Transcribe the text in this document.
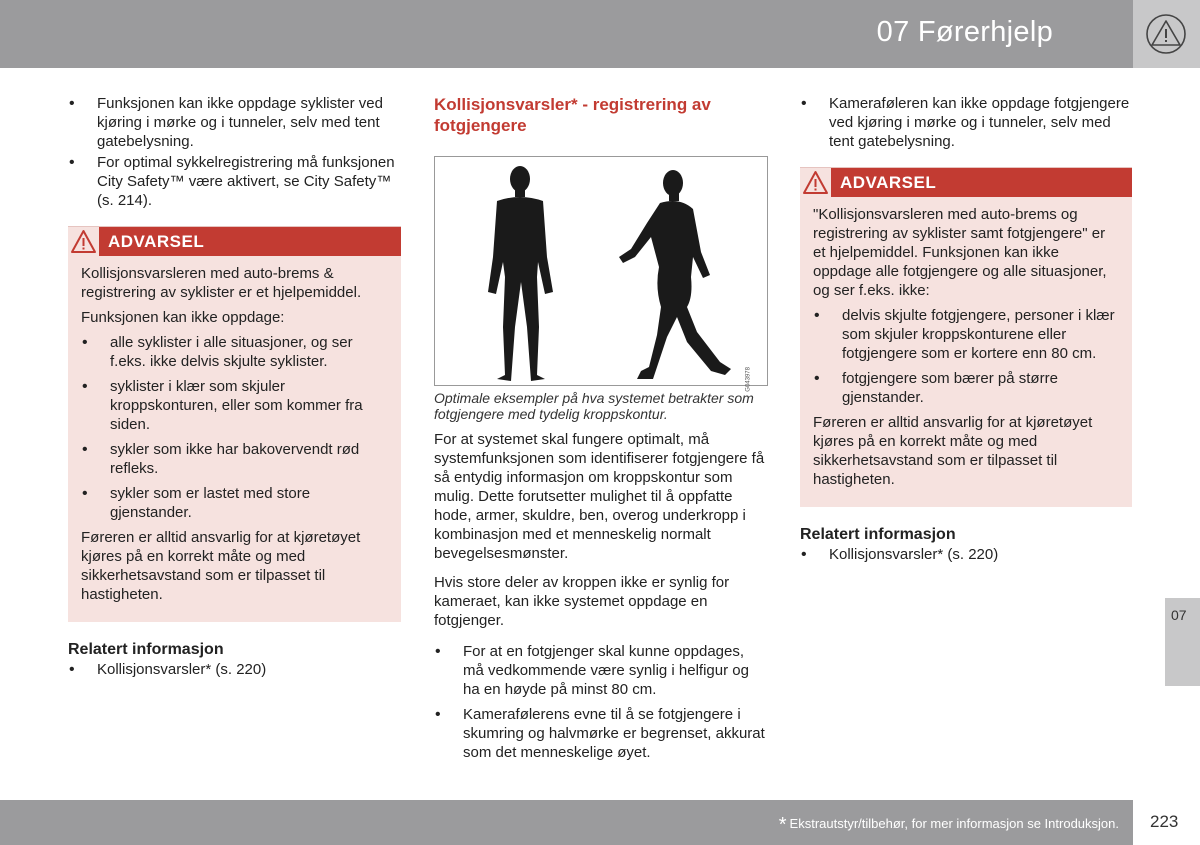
07 Førerhjelp
• Funksjonen kan ikke oppdage syklister ved kjøring i mørke og i tunneler, selv med tent gatebelysning.
• For optimal sykkelregistrering må funksjonen City Safety™ være aktivert, se City Safety™ (s. 214).
ADVARSEL

Kollisjonsvarsleren med auto-brems & registrering av syklister er et hjelpemiddel.

Funksjonen kan ikke oppdage:

• alle syklister i alle situasjoner, og ser f.eks. ikke delvis skjulte syklister.
• syklister i klær som skjuler kroppskonturen, eller som kommer fra siden.
• sykler som ikke har bakovervendt rød refleks.
• sykler som er lastet med store gjenstander.

Føreren er alltid ansvarlig for at kjøretøyet kjøres på en korrekt måte og med sikkerhetsavstand som er tilpasset til hastigheten.

Relatert informasjon
• Kollisjonsvarsler* (s. 220)
Kollisjonsvarsler* - registrering av fotgjengere
G043978
Optimale eksempler på hva systemet betrakter som fotgjengere med tydelig kroppskontur.

For at systemet skal fungere optimalt, må systemfunksjonen som identifiserer fotgjengere få så entydig informasjon om kroppskontur som mulig. Dette forutsetter mulighet til å oppfatte hode, armer, skuldre, ben, overog underkropp i kombinasjon med et menneskelig normalt bevegelsesmønster.

Hvis store deler av kroppen ikke er synlig for kameraet, kan ikke systemet oppdage en fotgjenger.

• For at en fotgjenger skal kunne oppdages, må vedkommende være synlig i helfigur og ha en høyde på minst 80 cm.
• Kamerafølerens evne til å se fotgjengere i skumring og halvmørke er begrenset, akkurat som det menneskelige øyet.
• Kameraføleren kan ikke oppdage fotgjengere ved kjøring i mørke og i tunneler, selv med tent gatebelysning.
ADVARSEL

"Kollisjonsvarsleren med auto-brems og registrering av syklister samt fotgjengere" er et hjelpemiddel. Funksjonen kan ikke oppdage alle fotgjengere og alle situasjoner, og ser f.eks. ikke:

• delvis skjulte fotgjengere, personer i klær som skjuler kroppskonturene eller fotgjengere som er kortere enn 80 cm.
• fotgjengere som bærer på større gjenstander.

Føreren er alltid ansvarlig for at kjøretøyet kjøres på en korrekt måte og med sikkerhetsavstand som er tilpasset til hastigheten.

Relatert informasjon
• Kollisjonsvarsler* (s. 220)
07
* Ekstrautstyr/tilbehør, for mer informasjon se Introduksjon. 223
